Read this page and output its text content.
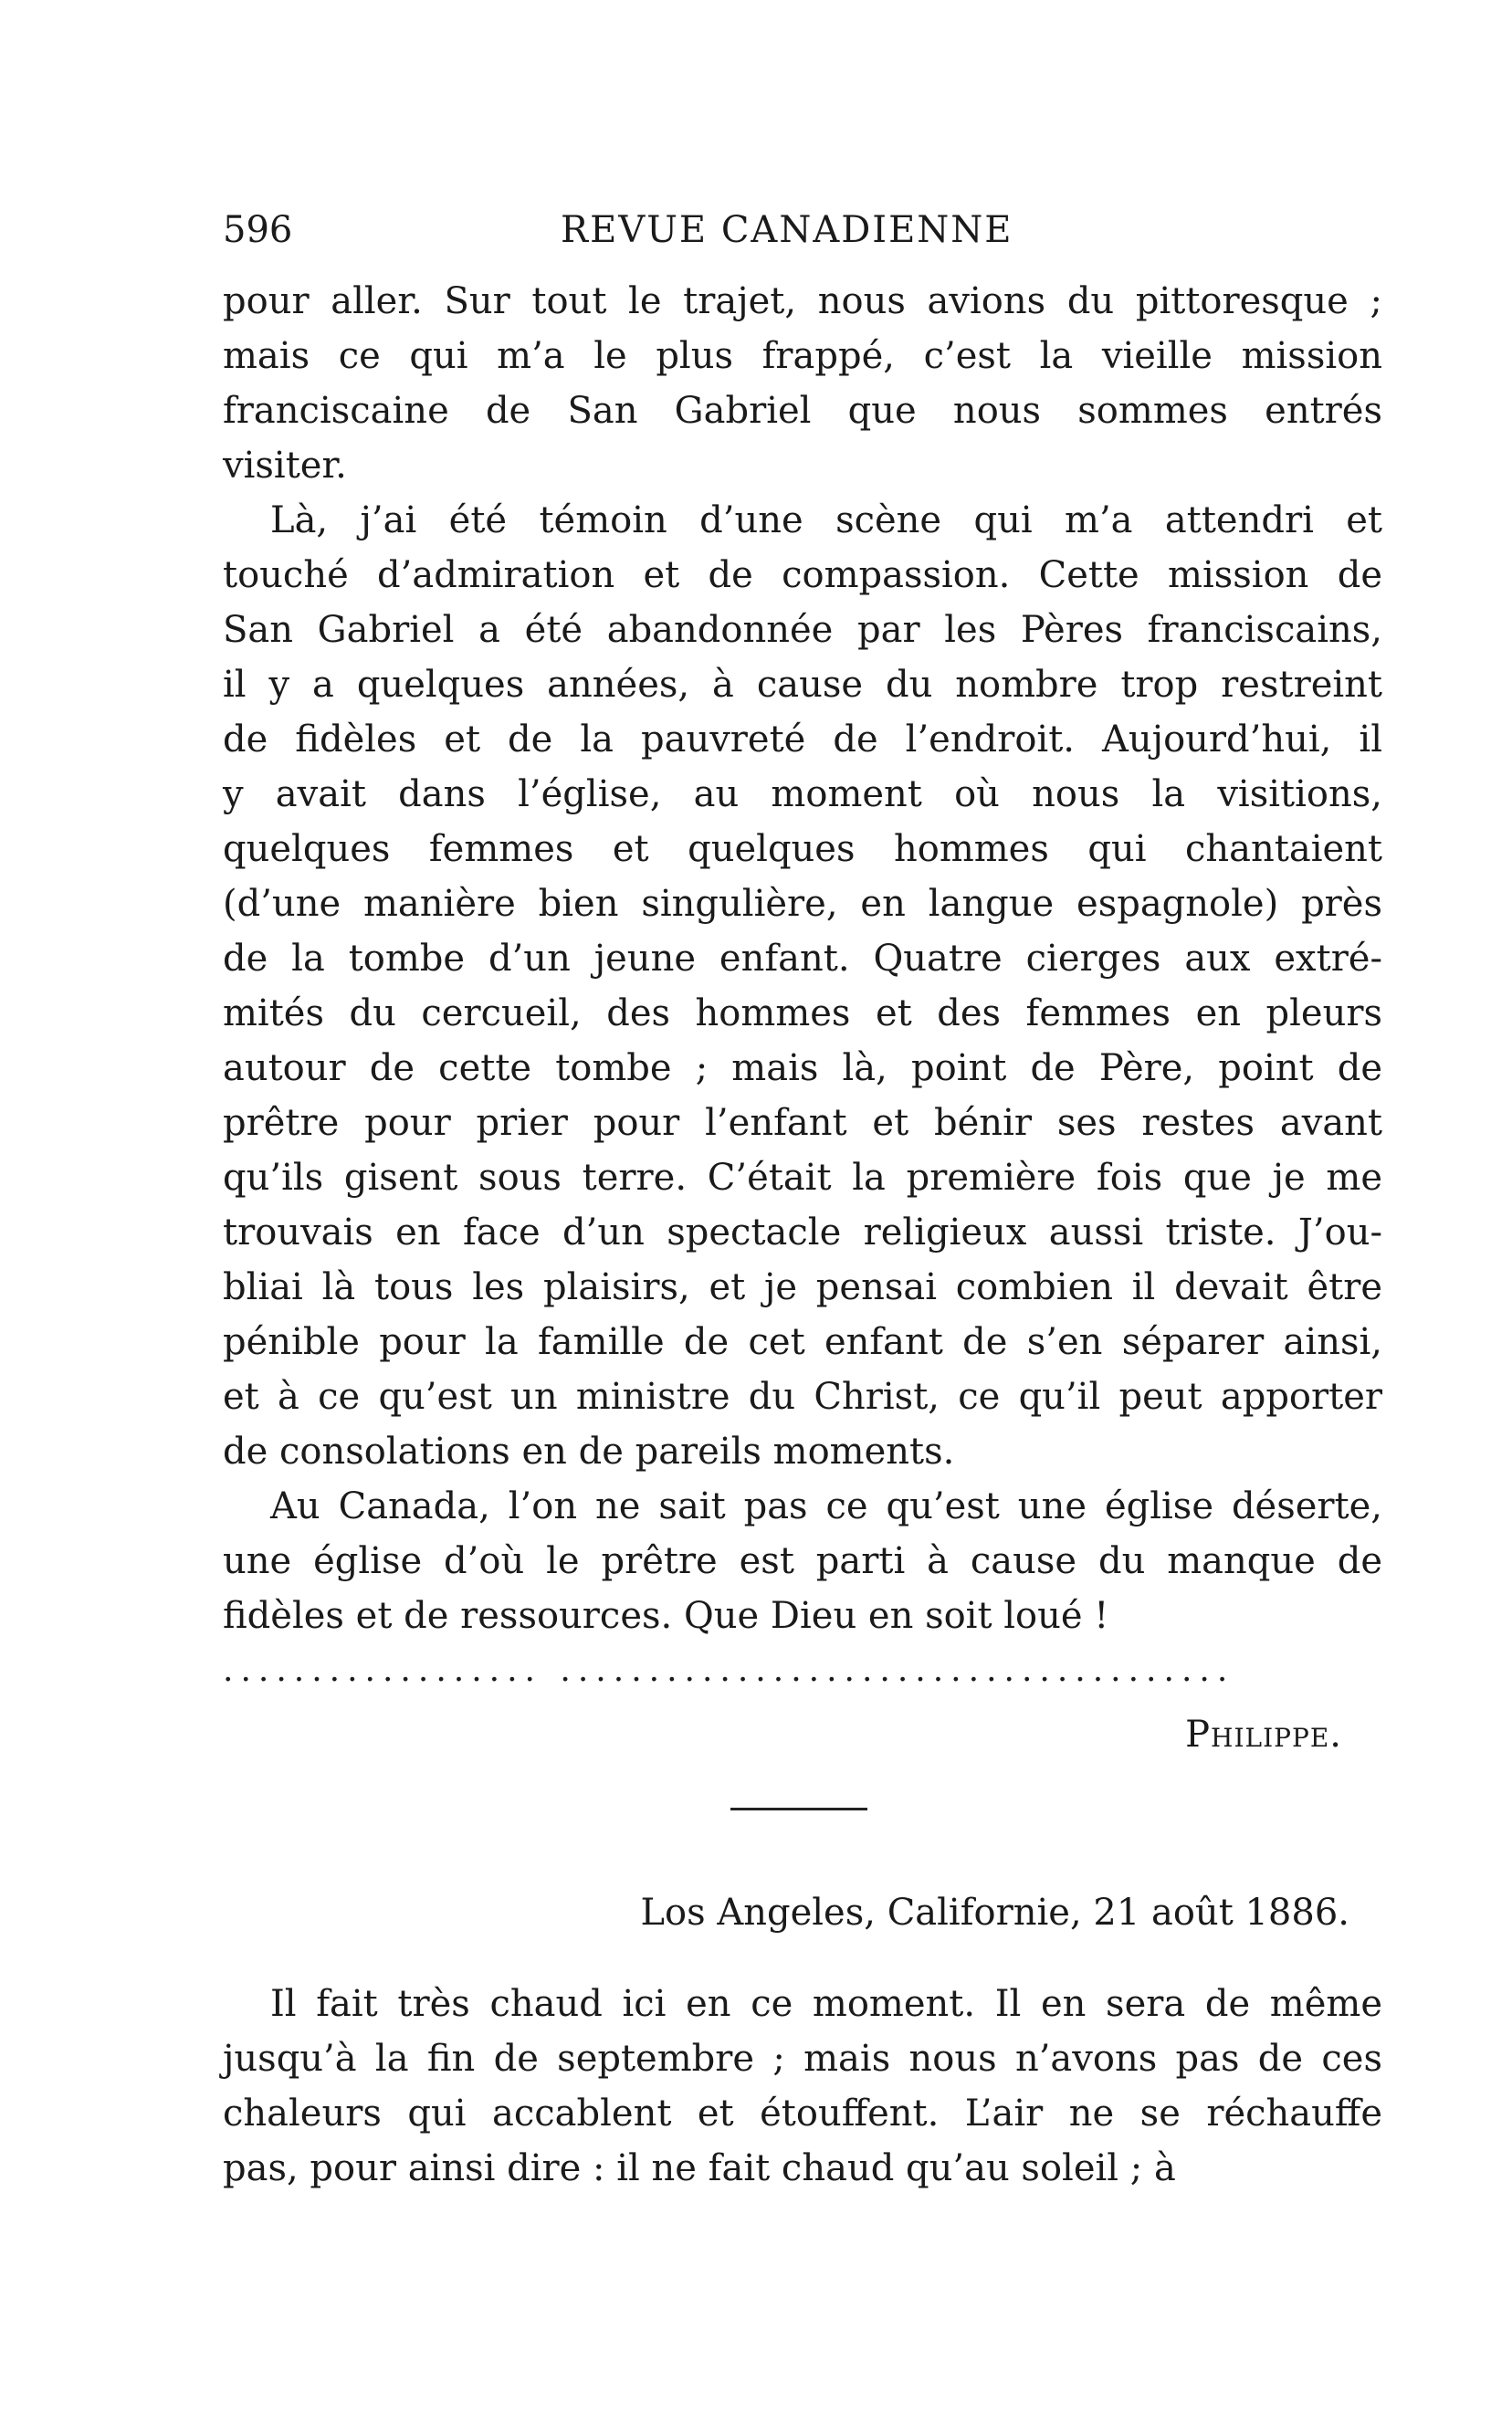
596	REVUE CANADIENNE
pour aller. Sur tout le trajet, nous avions du pittoresque ;
mais ce qui m’a le plus frappé, c’est la vieille mission
franciscaine de San Gabriel que nous sommes entrés
visiter.
Là, j’ai été témoin d’une scène qui m’a attendri et
touché d’admiration et de compassion. Cette mission de
San Gabriel a été abandonnée par les Pères franciscains,
il y a quelques années, à cause du nombre trop restreint
de fidèles et de la pauvreté de l’endroit. Aujourd’hui, il
y avait dans l’église, au moment où nous la visitions,
quelques femmes et quelques hommes qui chantaient
(d’une manière bien singulière, en langue espagnole) près
de la tombe d’un jeune enfant. Quatre cierges aux extré-
mités du cercueil, des hommes et des femmes en pleurs
autour de cette tombe ; mais là, point de Père, point de
prêtre pour prier pour l’enfant et bénir ses restes avant
qu’ils gisent sous terre. C’était la première fois que je me
trouvais en face d’un spectacle religieux aussi triste. J’ou-
bliai là tous les plaisirs, et je pensai combien il devait être
pénible pour la famille de cet enfant de s’en séparer ainsi,
et à ce qu’est un ministre du Christ, ce qu’il peut apporter
de consolations en de pareils moments.
Au Canada, l’on ne sait pas ce qu’est une église déserte,
une église d’où le prêtre est parti à cause du manque de
fidèles et de ressources. Que Dieu en soit loué !
.................. ......................................
Philippe.
Los Angeles, Californie, 21 août 1886.
Il fait très chaud ici en ce moment. Il en sera de même
jusqu’à la fin de septembre ; mais nous n’avons pas de ces
chaleurs qui accablent et étouffent. L’air ne se réchauffe
pas, pour ainsi dire : il ne fait chaud qu’au soleil ; à
